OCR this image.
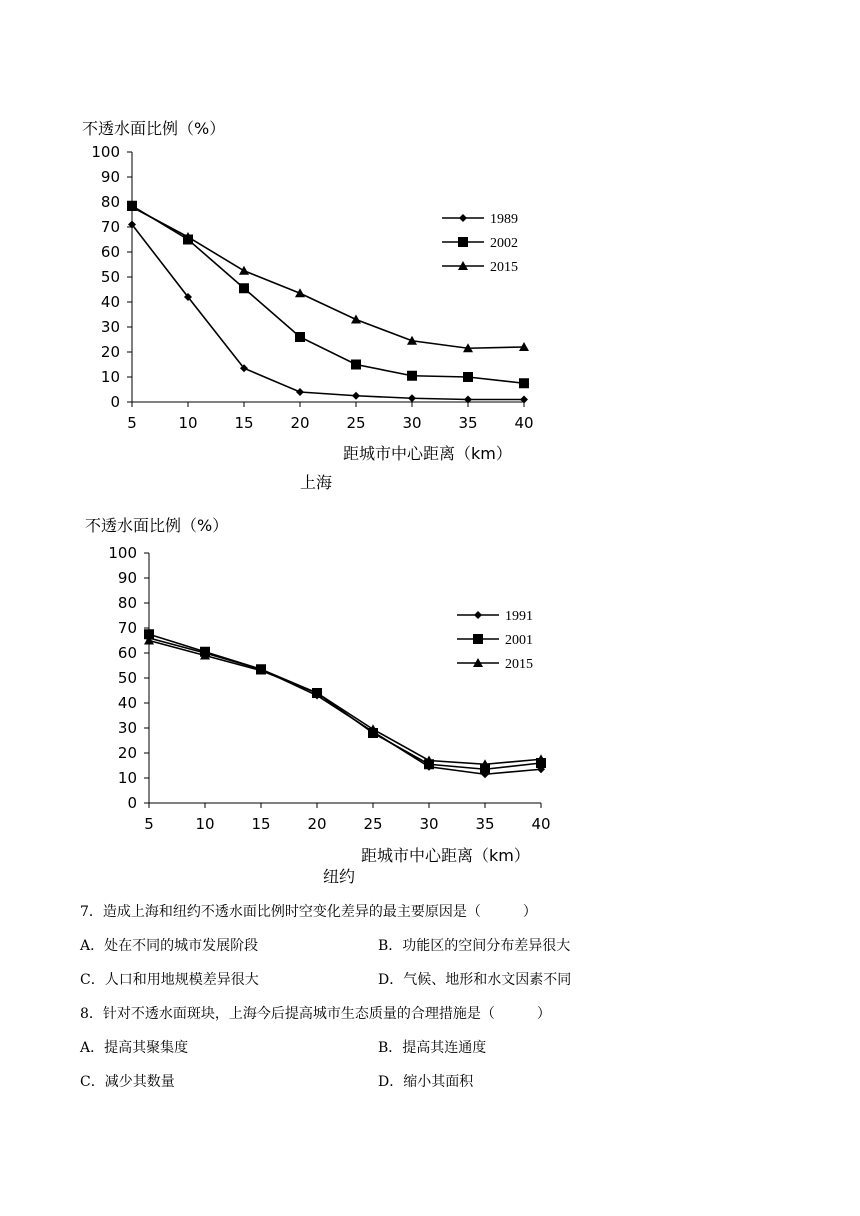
不透水面比例（%）
0
10
20
30
40
50
60
70
80
90
100
5	10 15 20 25 30 35 40
1989
2002
2015
距城市中心距离（km）
上海
不透水面比例（%）
0
10
20
30
40
50
60
70
80
90
100
5	10 15 20 25 30 35 40
1991
2001
2015
距城市中心距离（km）
纽约
7．造成上海和纽约不透水面比例时空变化差异的最主要原因是（　　　）
A．处在不同的城市发展阶段	B．功能区的空间分布差异很大
C．人口和用地规模差异很大	D．气候、地形和水文因素不同
8．针对不透水面斑块，上海今后提高城市生态质量的合理措施是（　　　）
A．提高其聚集度	B．提高其连通度
C．减少其数量	D．缩小其面积
